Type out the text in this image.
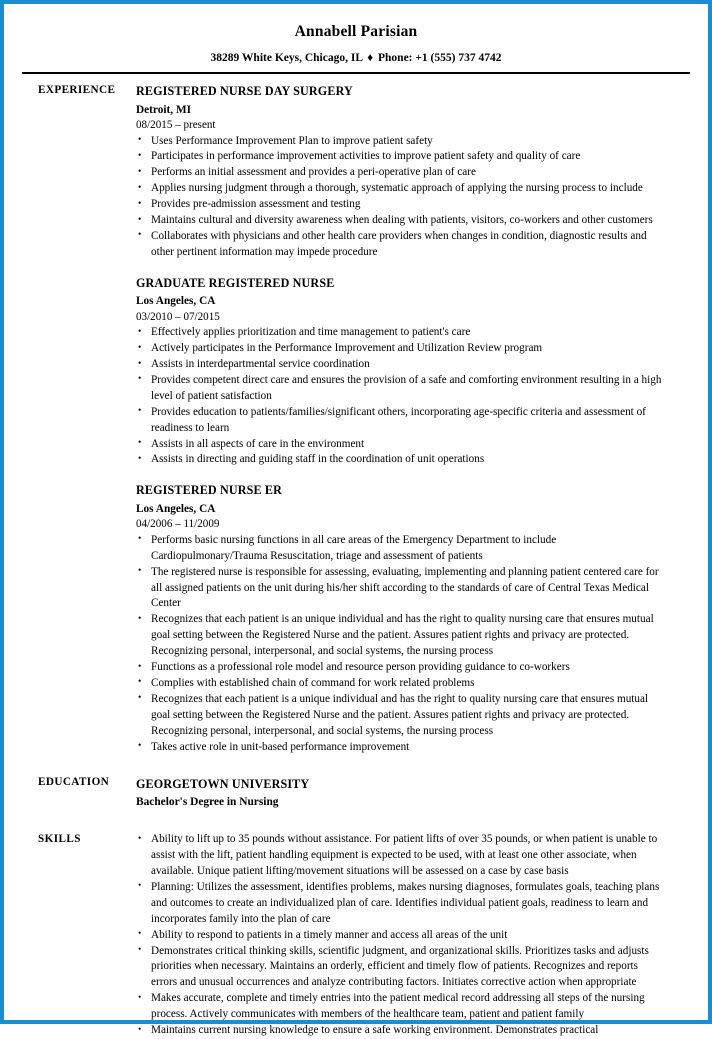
Annabell Parisian
38289 White Keys, Chicago, IL ♦ Phone: +1 (555) 737 4742
EXPERIENCE	REGISTERED NURSE DAY SURGERY
Detroit, MI
08/2015 – present
• Uses Performance Improvement Plan to improve patient safety
• Participates in performance improvement activities to improve patient safety and quality of care
• Performs an initial assessment and provides a peri-operative plan of care
• Applies nursing judgment through a thorough, systematic approach of applying the nursing process to include
• Provides pre-admission assessment and testing
• Maintains cultural and diversity awareness when dealing with patients, visitors, co-workers and other customers
• Collaborates with physicians and other health care providers when changes in condition, diagnostic results and other pertinent information may impede procedure
GRADUATE REGISTERED NURSE
Los Angeles, CA
03/2010 – 07/2015
• Effectively applies prioritization and time management to patient's care
• Actively participates in the Performance Improvement and Utilization Review program
• Assists in interdepartmental service coordination
• Provides competent direct care and ensures the provision of a safe and comforting environment resulting in a high level of patient satisfaction
• Provides education to patients/families/significant others, incorporating age-specific criteria and assessment of readiness to learn
• Assists in all aspects of care in the environment
• Assists in directing and guiding staff in the coordination of unit operations
REGISTERED NURSE ER
Los Angeles, CA
04/2006 – 11/2009
• Performs basic nursing functions in all care areas of the Emergency Department to include Cardiopulmonary/Trauma Resuscitation, triage and assessment of patients
• The registered nurse is responsible for assessing, evaluating, implementing and planning patient centered care for all assigned patients on the unit during his/her shift according to the standards of care of Central Texas Medical Center
• Recognizes that each patient is an unique individual and has the right to quality nursing care that ensures mutual goal setting between the Registered Nurse and the patient. Assures patient rights and privacy are protected. Recognizing personal, interpersonal, and social systems, the nursing process
• Functions as a professional role model and resource person providing guidance to co-workers
• Complies with established chain of command for work related problems
• Recognizes that each patient is a unique individual and has the right to quality nursing care that ensures mutual goal setting between the Registered Nurse and the patient. Assures patient rights and privacy are protected. Recognizing personal, interpersonal, and social systems, the nursing process
• Takes active role in unit-based performance improvement
EDUCATION	GEORGETOWN UNIVERSITY
Bachelor's Degree in Nursing
SKILLS	• Ability to lift up to 35 pounds without assistance. For patient lifts of over 35 pounds, or when patient is unable to assist with the lift, patient handling equipment is expected to be used, with at least one other associate, when available. Unique patient lifting/movement situations will be assessed on a case by case basis
• Planning: Utilizes the assessment, identifies problems, makes nursing diagnoses, formulates goals, teaching plans and outcomes to create an individualized plan of care. Identifies individual patient goals, readiness to learn and incorporates family into the plan of care
• Ability to respond to patients in a timely manner and access all areas of the unit
• Demonstrates critical thinking skills, scientific judgment, and organizational skills. Prioritizes tasks and adjusts priorities when necessary. Maintains an orderly, efficient and timely flow of patients. Recognizes and reports errors and unusual occurrences and analyze contributing factors. Initiates corrective action when appropriate
• Makes accurate, complete and timely entries into the patient medical record addressing all steps of the nursing process. Actively communicates with members of the healthcare team, patient and patient family
• Maintains current nursing knowledge to ensure a safe working environment. Demonstrates practical
